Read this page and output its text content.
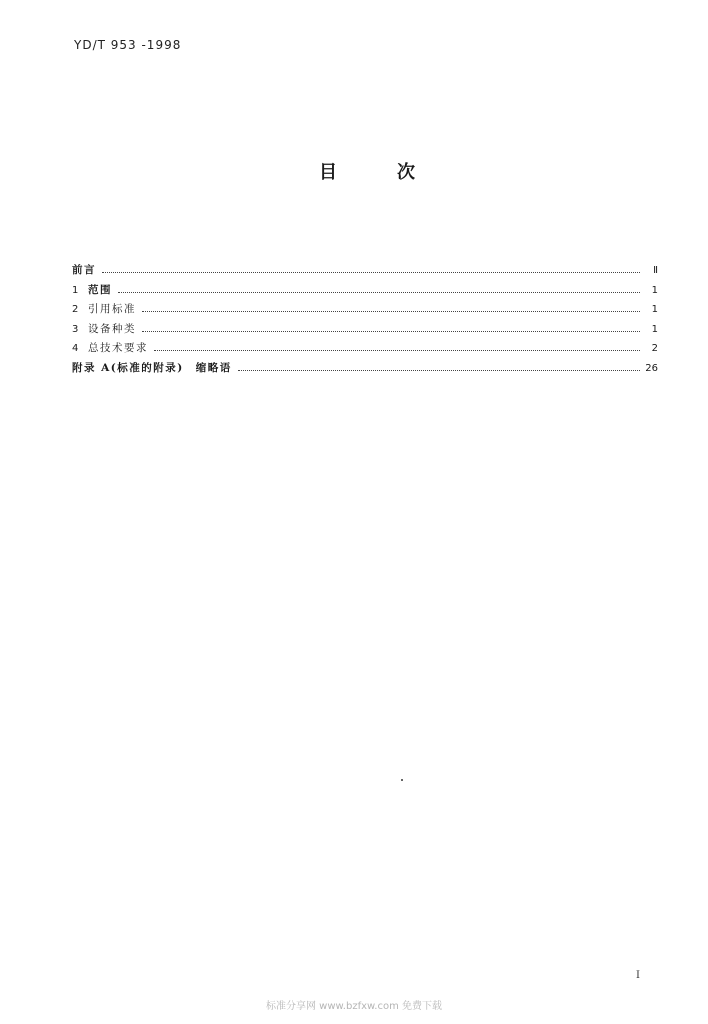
YD/T 953 -1998
目	次
前言	Ⅱ
1 范围	1
2 引用标准	1
3 设备种类	1
4 总技术要求	2
附录 A(标准的附录)　缩略语	26
I
标准分享网 www.bzfxw.com 免费下载
